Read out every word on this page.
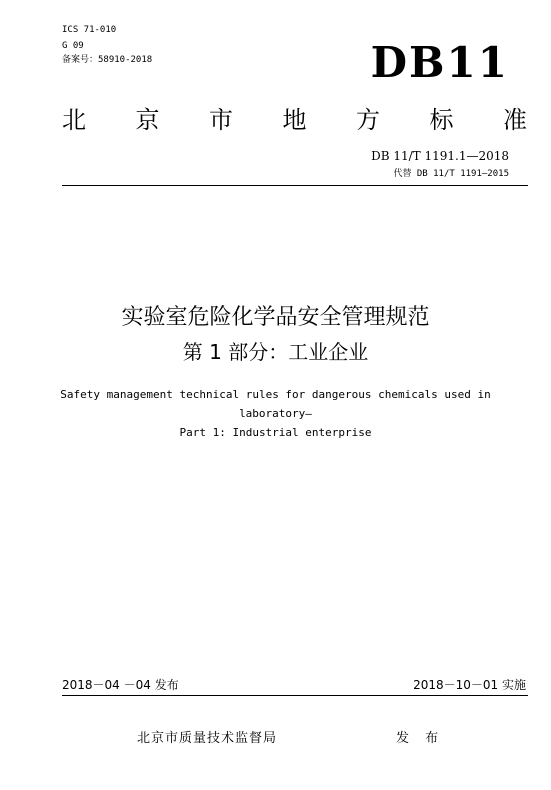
ICS 71-010
G 09
备案号：58910-2018	DB11
北 京 市 地 方 标 准
DB 11/T 1191.1—2018
代替 DB 11/T 1191—2015
实验室危险化学品安全管理规范
第 1 部分：工业企业
Safety management technical rules for dangerous chemicals used in
laboratory—
Part 1: Industrial enterprise
2018－04 －04 发布	2018－10－01 实施
北京市质量技术监督局	发 布
